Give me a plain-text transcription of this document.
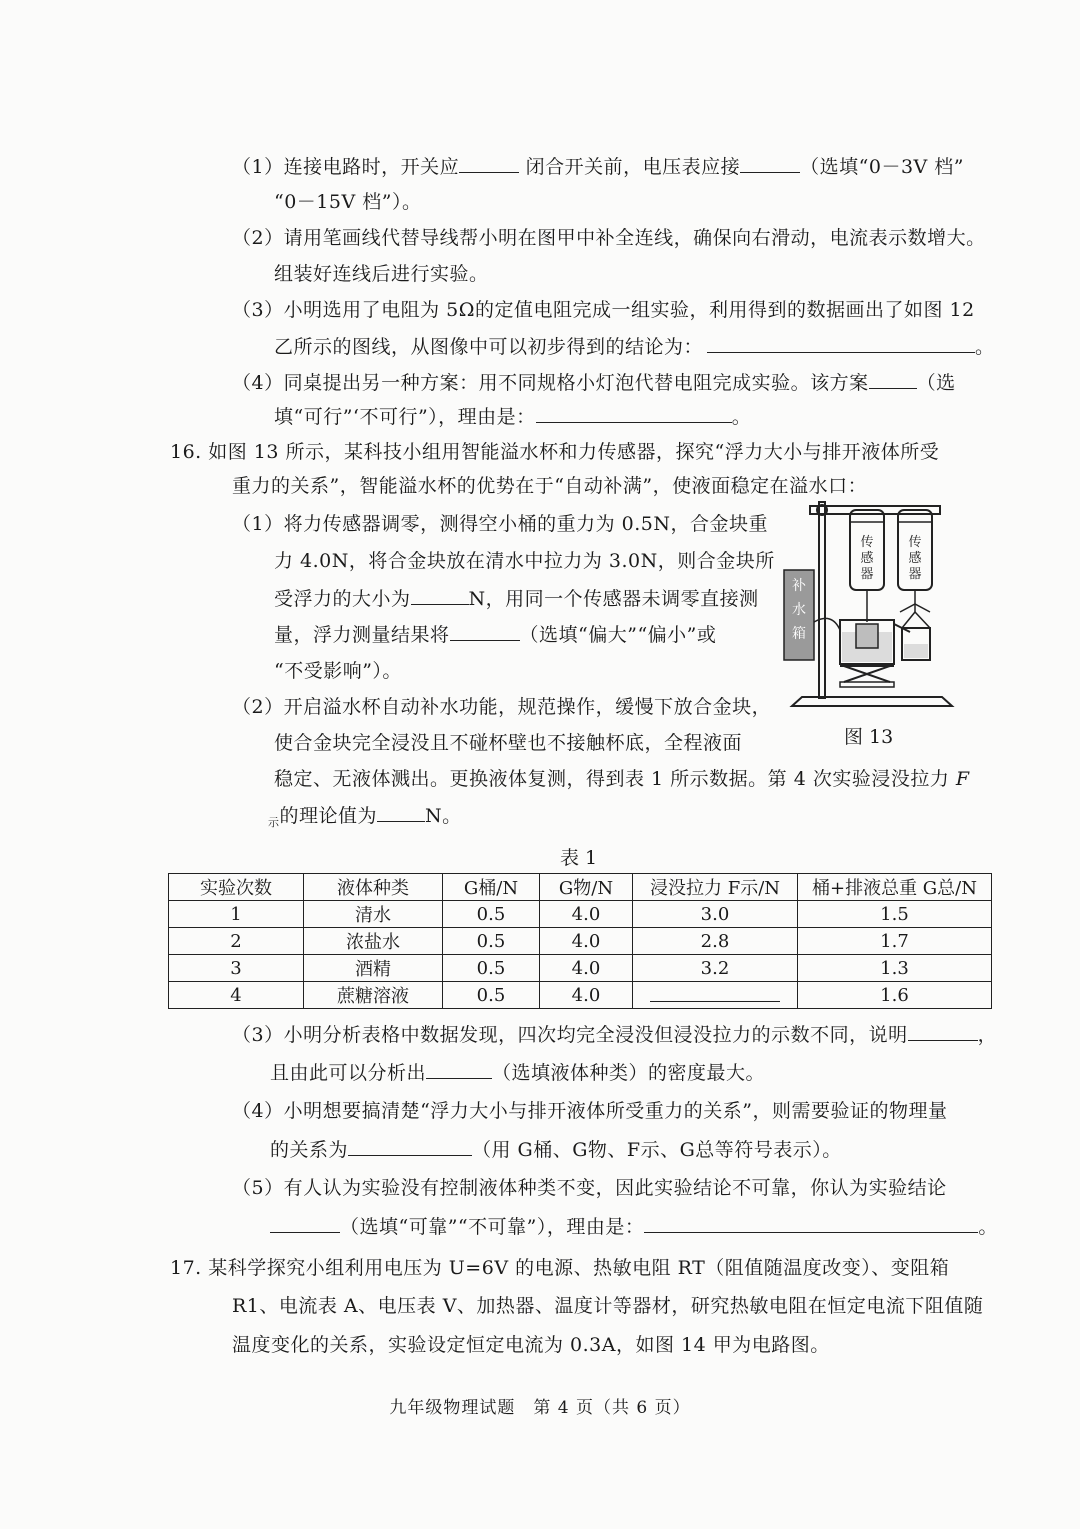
（1）连接电路时，开关应	闭合开关前，电压表应接	（选填“0－3V 档”
“0－15V 档”）。
（2）请用笔画线代替导线帮小明在图甲中补全连线，确保向右滑动，电流表示数增大。
组装好连线后进行实验。
（3）小明选用了电阻为 5Ω的定值电阻完成一组实验，利用得到的数据画出了如图 12
乙所示的图线，从图像中可以初步得到的结论为：	。
（4）同桌提出另一种方案：用不同规格小灯泡代替电阻完成实验。该方案	（选
填“可行”‘不可行”），理由是：	。
16. 如图 13 所示，某科技小组用智能溢水杯和力传感器，探究“浮力大小与排开液体所受
重力的关系”，智能溢水杯的优势在于“自动补满”，使液面稳定在溢水口：
（1）将力传感器调零，测得空小桶的重力为 0.5N，合金块重
力 4.0N，将合金块放在清水中拉力为 3.0N，则合金块所
受浮力的大小为	N，用同一个传感器未调零直接测
量，浮力测量结果将	（选填“偏大”“偏小”或
“不受影响”）。
（2）开启溢水杯自动补水功能，规范操作，缓慢下放合金块，
使合金块完全浸没且不碰杯壁也不接触杯底，全程液面
稳定、无液体溅出。更换液体复测，得到表 1 所示数据。第 4 次实验浸没拉力 F
$_示$的理论值为	N。
传
感
器
传
感
器
补
水
箱
图 13
表 1
实验次数	液体种类	G桶/N	G物/N	浸没拉力 F示/N	桶+排液总重 G总/N
1	清水	0.5	4.0	3.0	1.5
2	浓盐水	0.5	4.0	2.8	1.7
3	酒精	0.5	4.0	3.2	1.3
4	蔗糖溶液	0.5	4.0		1.6
（3）小明分析表格中数据发现，四次均完全浸没但浸没拉力的示数不同，说明	，
且由此可以分析出	（选填液体种类）的密度最大。
（4）小明想要搞清楚“浮力大小与排开液体所受重力的关系”，则需要验证的物理量
的关系为	（用 G桶、G物、F示、G总等符号表示）。
（5）有人认为实验没有控制液体种类不变，因此实验结论不可靠，你认为实验结论
（选填“可靠”“不可靠”），理由是：	。
17. 某科学探究小组利用电压为 U=6V 的电源、热敏电阻 RT（阻值随温度改变）、变阻箱
R1、电流表 A、电压表 V、加热器、温度计等器材，研究热敏电阻在恒定电流下阻值随
温度变化的关系，实验设定恒定电流为 0.3A，如图 14 甲为电路图。
九年级物理试题　第 4 页（共 6 页）
